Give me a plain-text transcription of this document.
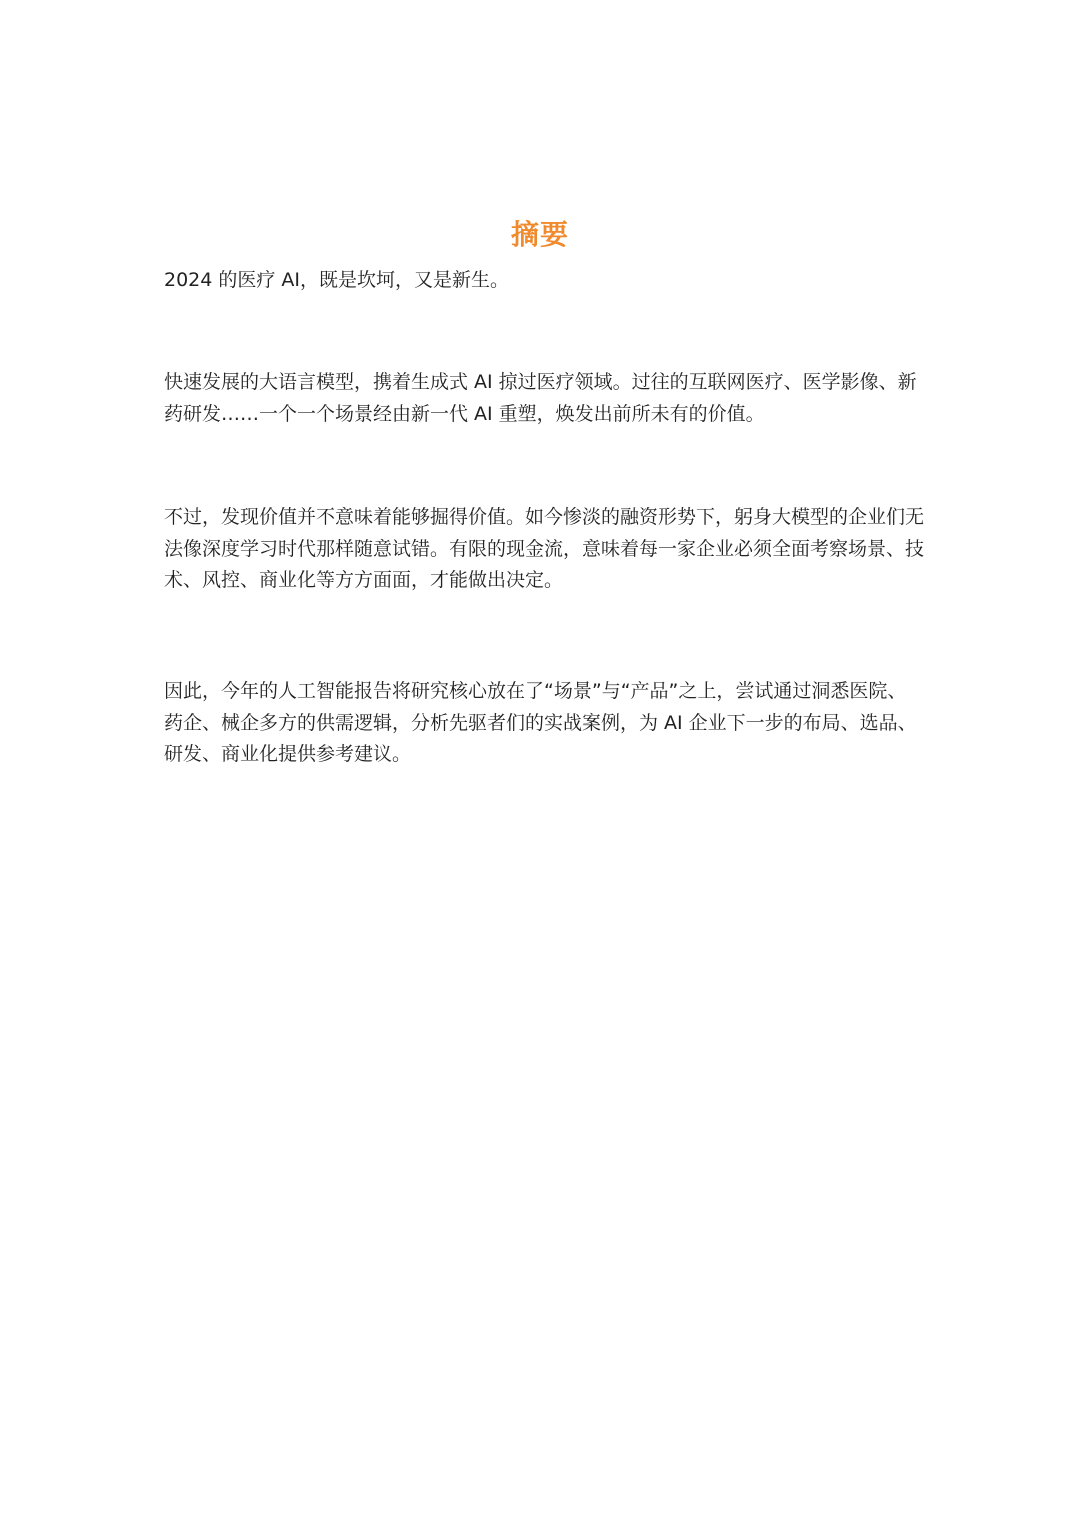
摘要

2024 的医疗 AI，既是坎坷，又是新生。

快速发展的大语言模型，携着生成式 AI 掠过医疗领域。过往的互联网医疗、医学影像、新药研发……一个一个场景经由新一代 AI 重塑，焕发出前所未有的价值。

不过，发现价值并不意味着能够掘得价值。如今惨淡的融资形势下，躬身大模型的企业们无法像深度学习时代那样随意试错。有限的现金流，意味着每一家企业必须全面考察场景、技术、风控、商业化等方方面面，才能做出决定。

因此，今年的人工智能报告将研究核心放在了“场景”与“产品”之上，尝试通过洞悉医院、药企、械企多方的供需逻辑，分析先驱者们的实战案例，为 AI 企业下一步的布局、选品、研发、商业化提供参考建议。
